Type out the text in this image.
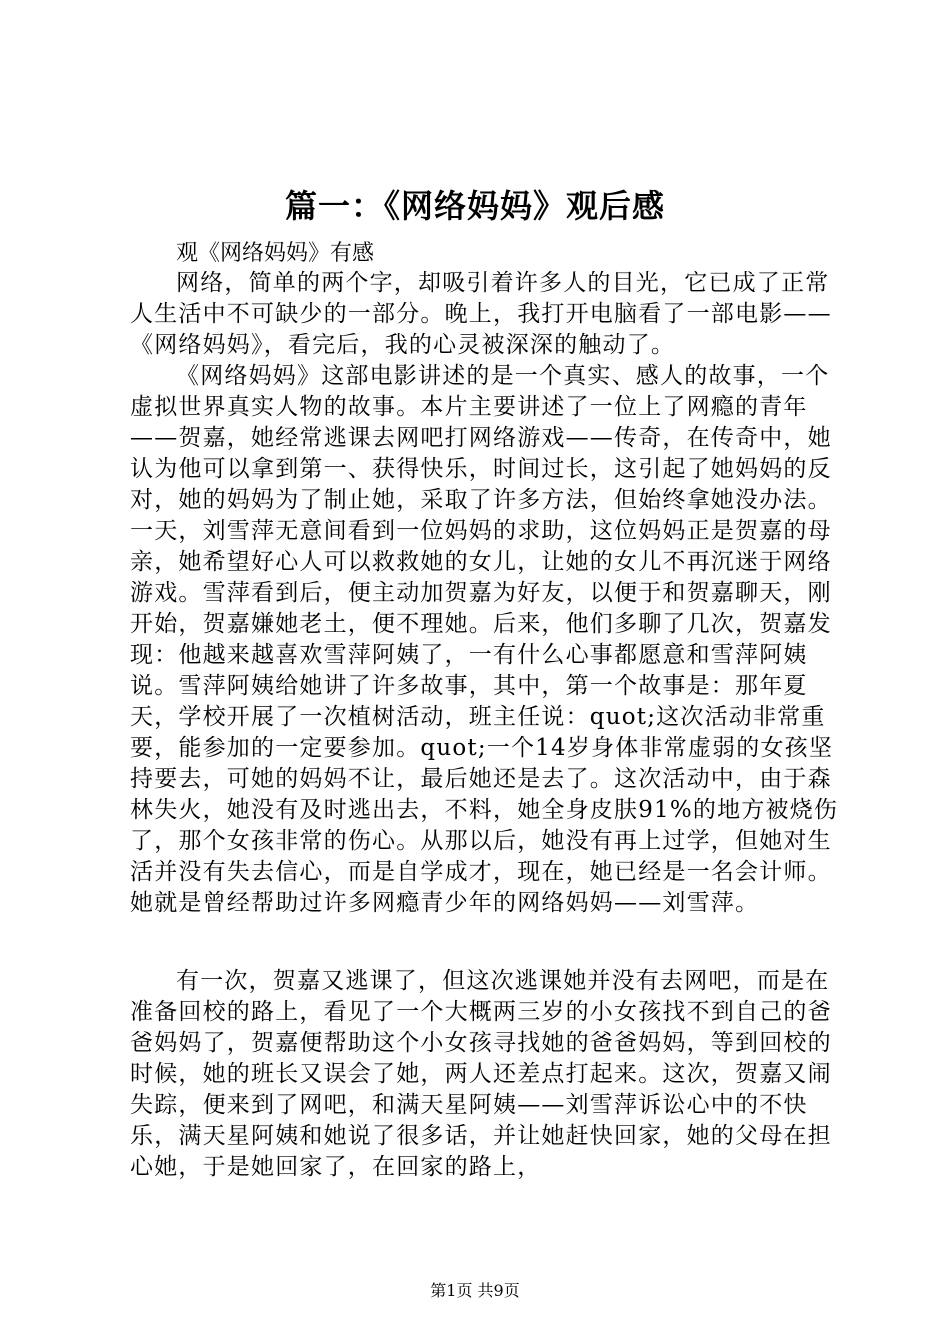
篇一：《网络妈妈》观后感
观《网络妈妈》有感

网络，简单的两个字，却吸引着许多人的目光，它已成了正常人生活中不可缺少的一部分。晚上，我打开电脑看了一部电影——《网络妈妈》，看完后，我的心灵被深深的触动了。

《网络妈妈》这部电影讲述的是一个真实、感人的故事，一个虚拟世界真实人物的故事。本片主要讲述了一位上了网瘾的青年——贺嘉，她经常逃课去网吧打网络游戏——传奇，在传奇中，她认为他可以拿到第一、获得快乐，时间过长，这引起了她妈妈的反对，她的妈妈为了制止她，采取了许多方法，但始终拿她没办法。一天，刘雪萍无意间看到一位妈妈的求助，这位妈妈正是贺嘉的母亲，她希望好心人可以救救她的女儿，让她的女儿不再沉迷于网络游戏。雪萍看到后，便主动加贺嘉为好友，以便于和贺嘉聊天，刚开始，贺嘉嫌她老土，便不理她。后来，他们多聊了几次，贺嘉发现：他越来越喜欢雪萍阿姨了，一有什么心事都愿意和雪萍阿姨说。雪萍阿姨给她讲了许多故事，其中，第一个故事是：那年夏天，学校开展了一次植树活动，班主任说：quot;这次活动非常重要，能参加的一定要参加。quot;一个14岁身体非常虚弱的女孩坚持要去，可她的妈妈不让，最后她还是去了。这次活动中，由于森林失火，她没有及时逃出去，不料，她全身皮肤91%的地方被烧伤了，那个女孩非常的伤心。从那以后，她没有再上过学，但她对生活并没有失去信心，而是自学成才，现在，她已经是一名会计师。她就是曾经帮助过许多网瘾青少年的网络妈妈——刘雪萍。

有一次，贺嘉又逃课了，但这次逃课她并没有去网吧，而是在准备回校的路上，看见了一个大概两三岁的小女孩找不到自己的爸爸妈妈了，贺嘉便帮助这个小女孩寻找她的爸爸妈妈，等到回校的时候，她的班长又误会了她，两人还差点打起来。这次，贺嘉又闹失踪，便来到了网吧，和满天星阿姨——刘雪萍诉讼心中的不快乐，满天星阿姨和她说了很多话，并让她赶快回家，她的父母在担心她，于是她回家了，在回家的路上，

第1页 共9页
